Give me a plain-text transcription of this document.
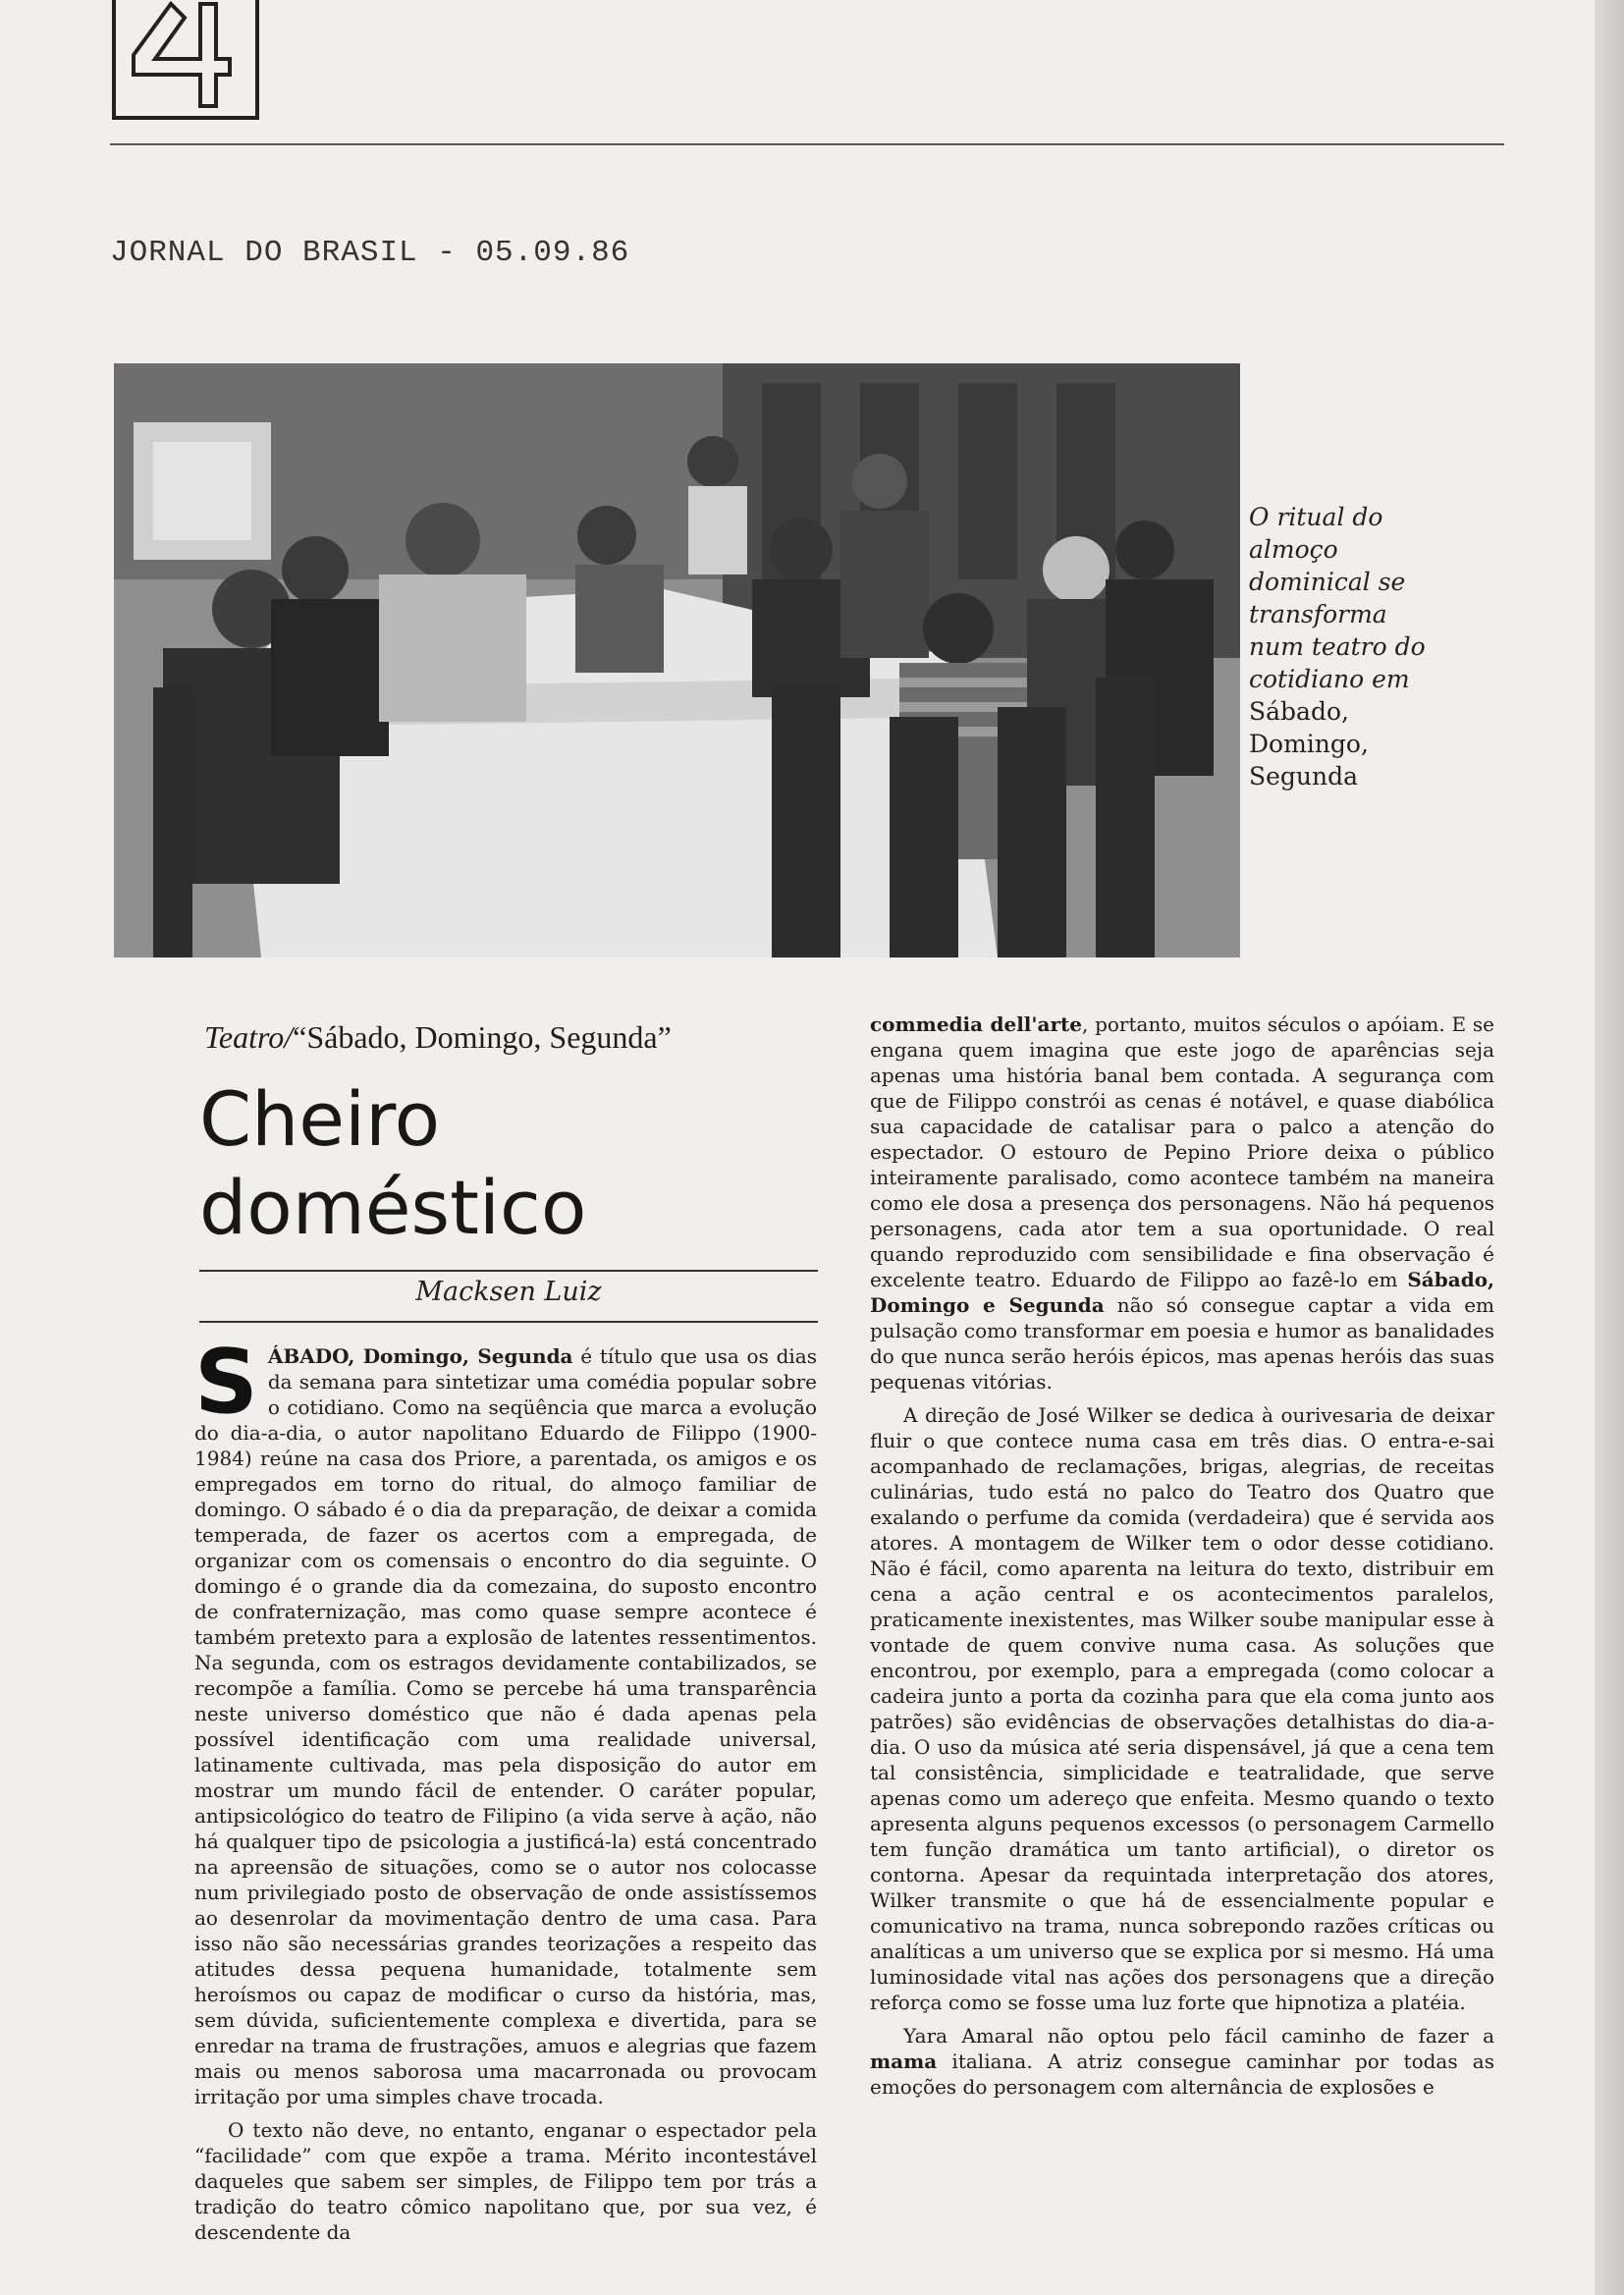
JORNAL DO BRASIL - 05.09.86

O ritual do almoço dominical se transforma num teatro do cotidiano em Sábado, Domingo, Segunda

Teatro/“Sábado, Domingo, Segunda”

Cheiro doméstico

Macksen Luiz

SÁBADO, Domingo, Segunda é título que usa os dias da semana para sintetizar uma comédia popular sobre o cotidiano. Como na seqüência que marca a evolução do dia-a-dia, o autor napolitano Eduardo de Filippo (1900-1984) reúne na casa dos Priore, a parentada, os amigos e os empregados em torno do ritual, do almoço familiar de domingo. O sábado é o dia da preparação, de deixar a comida temperada, de fazer os acertos com a empregada, de organizar com os comensais o encontro do dia seguinte. O domingo é o grande dia da comezaina, do suposto encontro de confraternização, mas como quase sempre acontece é também pretexto para a explosão de latentes ressentimentos. Na segunda, com os estragos devidamente contabilizados, se recompõe a família. Como se percebe há uma transparência neste universo doméstico que não é dada apenas pela possível identificação com uma realidade universal, latinamente cultivada, mas pela disposição do autor em mostrar um mundo fácil de entender. O caráter popular, antipsicológico do teatro de Filipino (a vida serve à ação, não há qualquer tipo de psicologia a justificá-la) está concentrado na apreensão de situações, como se o autor nos colocasse num privilegiado posto de observação de onde assistíssemos ao desenrolar da movimentação dentro de uma casa. Para isso não são necessárias grandes teorizações a respeito das atitudes dessa pequena humanidade, totalmente sem heroísmos ou capaz de modificar o curso da história, mas, sem dúvida, suficientemente complexa e divertida, para se enredar na trama de frustrações, amuos e alegrias que fazem mais ou menos saborosa uma macarronada ou provocam irritação por uma simples chave trocada.

O texto não deve, no entanto, enganar o espectador pela “facilidade” com que expõe a trama. Mérito incontestável daqueles que sabem ser simples, de Filippo tem por trás a tradição do teatro cômico napolitano que, por sua vez, é descendente da

commedia dell'arte, portanto, muitos séculos o apóiam. E se engana quem imagina que este jogo de aparências seja apenas uma história banal bem contada. A segurança com que de Filippo constrói as cenas é notável, e quase diabólica sua capacidade de catalisar para o palco a atenção do espectador. O estouro de Pepino Priore deixa o público inteiramente paralisado, como acontece também na maneira como ele dosa a presença dos personagens. Não há pequenos personagens, cada ator tem a sua oportunidade. O real quando reproduzido com sensibilidade e fina observação é excelente teatro. Eduardo de Filippo ao fazê-lo em Sábado, Domingo e Segunda não só consegue captar a vida em pulsação como transformar em poesia e humor as banalidades do que nunca serão heróis épicos, mas apenas heróis das suas pequenas vitórias.

A direção de José Wilker se dedica à ourivesaria de deixar fluir o que contece numa casa em três dias. O entra-e-sai acompanhado de reclamações, brigas, alegrias, de receitas culinárias, tudo está no palco do Teatro dos Quatro que exalando o perfume da comida (verdadeira) que é servida aos atores. A montagem de Wilker tem o odor desse cotidiano. Não é fácil, como aparenta na leitura do texto, distribuir em cena a ação central e os acontecimentos paralelos, praticamente inexistentes, mas Wilker soube manipular esse à vontade de quem convive numa casa. As soluções que encontrou, por exemplo, para a empregada (como colocar a cadeira junto a porta da cozinha para que ela coma junto aos patrões) são evidências de observações detalhistas do dia-a-dia. O uso da música até seria dispensável, já que a cena tem tal consistência, simplicidade e teatralidade, que serve apenas como um adereço que enfeita. Mesmo quando o texto apresenta alguns pequenos excessos (o personagem Carmello tem função dramática um tanto artificial), o diretor os contorna. Apesar da requintada interpretação dos atores, Wilker transmite o que há de essencialmente popular e comunicativo na trama, nunca sobrepondo razões críticas ou analíticas a um universo que se explica por si mesmo. Há uma luminosidade vital nas ações dos personagens que a direção reforça como se fosse uma luz forte que hipnotiza a platéia.

Yara Amaral não optou pelo fácil caminho de fazer a mama italiana. A atriz consegue caminhar por todas as emoções do personagem com alternância de explosões e
